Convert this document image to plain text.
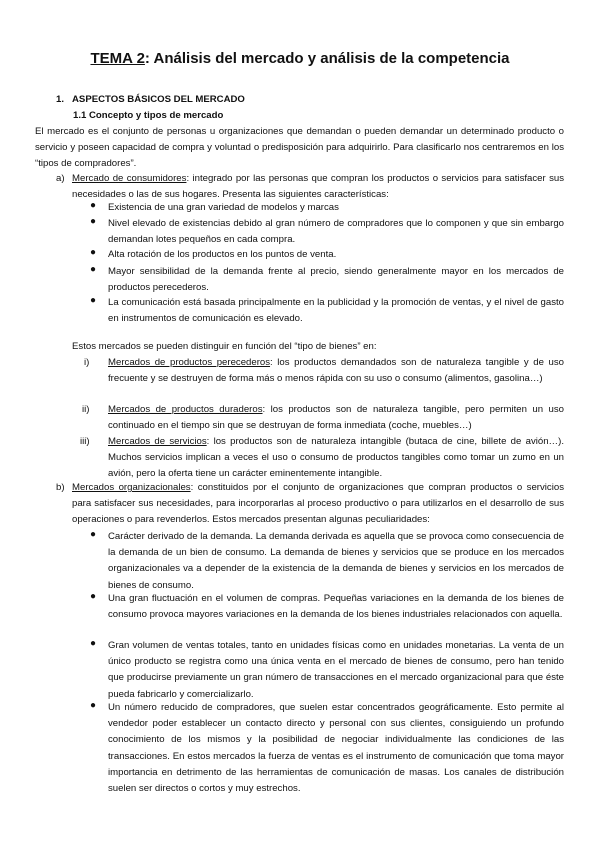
TEMA 2: Análisis del mercado y análisis de la competencia
1. ASPECTOS BÁSICOS DEL MERCADO
1.1 Concepto y tipos de mercado
El mercado es el conjunto de personas u organizaciones que demandan o pueden demandar un determinado producto o servicio y poseen capacidad de compra y voluntad o predisposición para adquirirlo. Para clasificarlo nos centraremos en los “tipos de compradores”.
a) Mercado de consumidores: integrado por las personas que compran los productos o servicios para satisfacer sus necesidades o las de sus hogares. Presenta las siguientes características:
● Existencia de una gran variedad de modelos y marcas
● Nivel elevado de existencias debido al gran número de compradores que lo componen y que sin embargo demandan lotes pequeños en cada compra.
● Alta rotación de los productos en los puntos de venta.
● Mayor sensibilidad de la demanda frente al precio, siendo generalmente mayor en los mercados de productos perecederos.
● La comunicación está basada principalmente en la publicidad y la promoción de ventas, y el nivel de gasto en instrumentos de comunicación es elevado.
Estos mercados se pueden distinguir en función del “tipo de bienes” en:
i) Mercados de productos perecederos: los productos demandados son de naturaleza tangible y de uso frecuente y se destruyen de forma más o menos rápida con su uso o consumo (alimentos, gasolina…)
ii) Mercados de productos duraderos: los productos son de naturaleza tangible, pero permiten un uso continuado en el tiempo sin que se destruyan de forma inmediata (coche, muebles…)
iii) Mercados de servicios: los productos son de naturaleza intangible (butaca de cine, billete de avión…). Muchos servicios implican a veces el uso o consumo de productos tangibles como tomar un zumo en un avión, pero la oferta tiene un carácter eminentemente intangible.
b) Mercados organizacionales: constituidos por el conjunto de organizaciones que compran productos o servicios para satisfacer sus necesidades, para incorporarlas al proceso productivo o para utilizarlos en el desarrollo de sus operaciones o para revenderlos. Estos mercados presentan algunas peculiaridades:
● Carácter derivado de la demanda. La demanda derivada es aquella que se provoca como consecuencia de la demanda de un bien de consumo. La demanda de bienes y servicios que se produce en los mercados organizacionales va a depender de la existencia de la demanda de bienes y servicios en los mercados de bienes de consumo.
● Una gran fluctuación en el volumen de compras. Pequeñas variaciones en la demanda de los bienes de consumo provoca mayores variaciones en la demanda de los bienes industriales relacionados con aquella.
● Gran volumen de ventas totales, tanto en unidades físicas como en unidades monetarias. La venta de un único producto se registra como una única venta en el mercado de bienes de consumo, pero han tenido que producirse previamente un gran número de transacciones en el mercado organizacional para que éste pueda fabricarlo y comercializarlo.
● Un número reducido de compradores, que suelen estar concentrados geográficamente. Esto permite al vendedor poder establecer un contacto directo y personal con sus clientes, consiguiendo un profundo conocimiento de los mismos y la posibilidad de negociar individualmente las condiciones de las transacciones. En estos mercados la fuerza de ventas es el instrumento de comunicación que toma mayor importancia en detrimento de las herramientas de comunicación de masas. Los canales de distribución suelen ser directos o cortos y muy estrechos.
